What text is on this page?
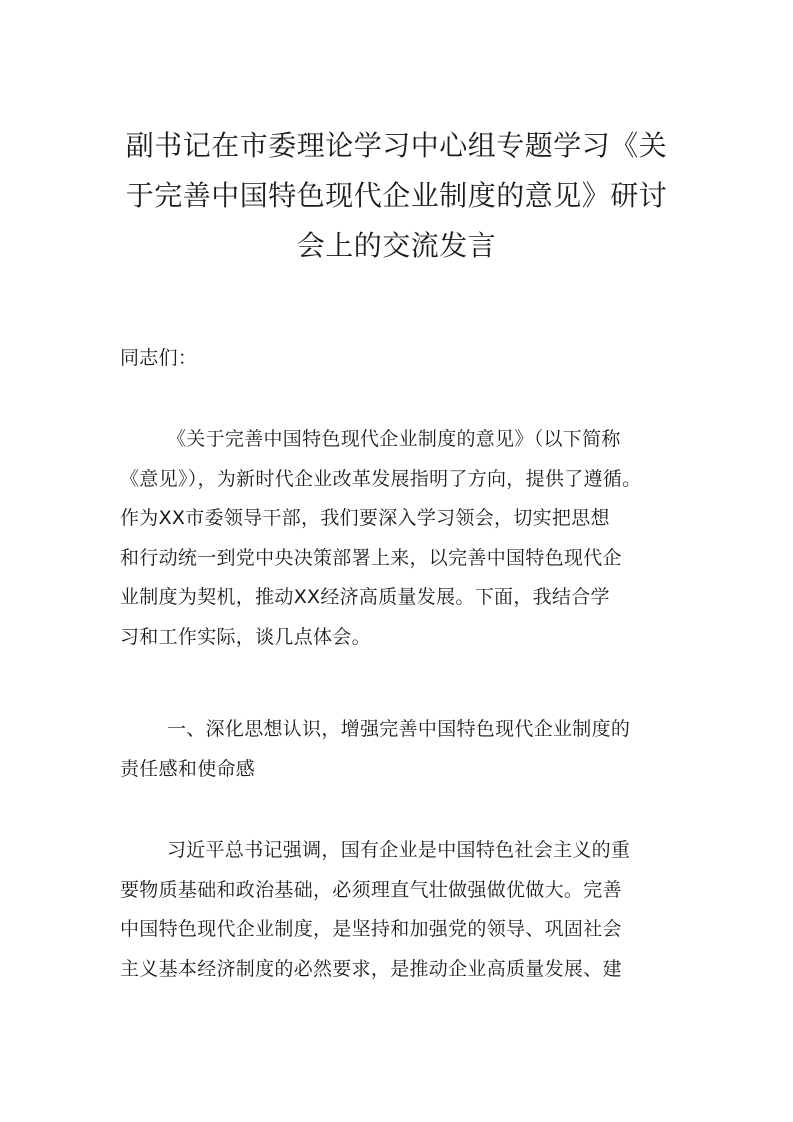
副书记在市委理论学习中心组专题学习《关
于完善中国特色现代企业制度的意见》研讨
会上的交流发言

同志们：

《关于完善中国特色现代企业制度的意见》（以下简称
《意见》），为新时代企业改革发展指明了方向，提供了遵循。
作为XX市委领导干部，我们要深入学习领会，切实把思想
和行动统一到党中央决策部署上来，以完善中国特色现代企
业制度为契机，推动XX经济高质量发展。下面，我结合学
习和工作实际，谈几点体会。

一、深化思想认识，增强完善中国特色现代企业制度的
责任感和使命感

习近平总书记强调，国有企业是中国特色社会主义的重
要物质基础和政治基础，必须理直气壮做强做优做大。完善
中国特色现代企业制度，是坚持和加强党的领导、巩固社会
主义基本经济制度的必然要求，是推动企业高质量发展、建
